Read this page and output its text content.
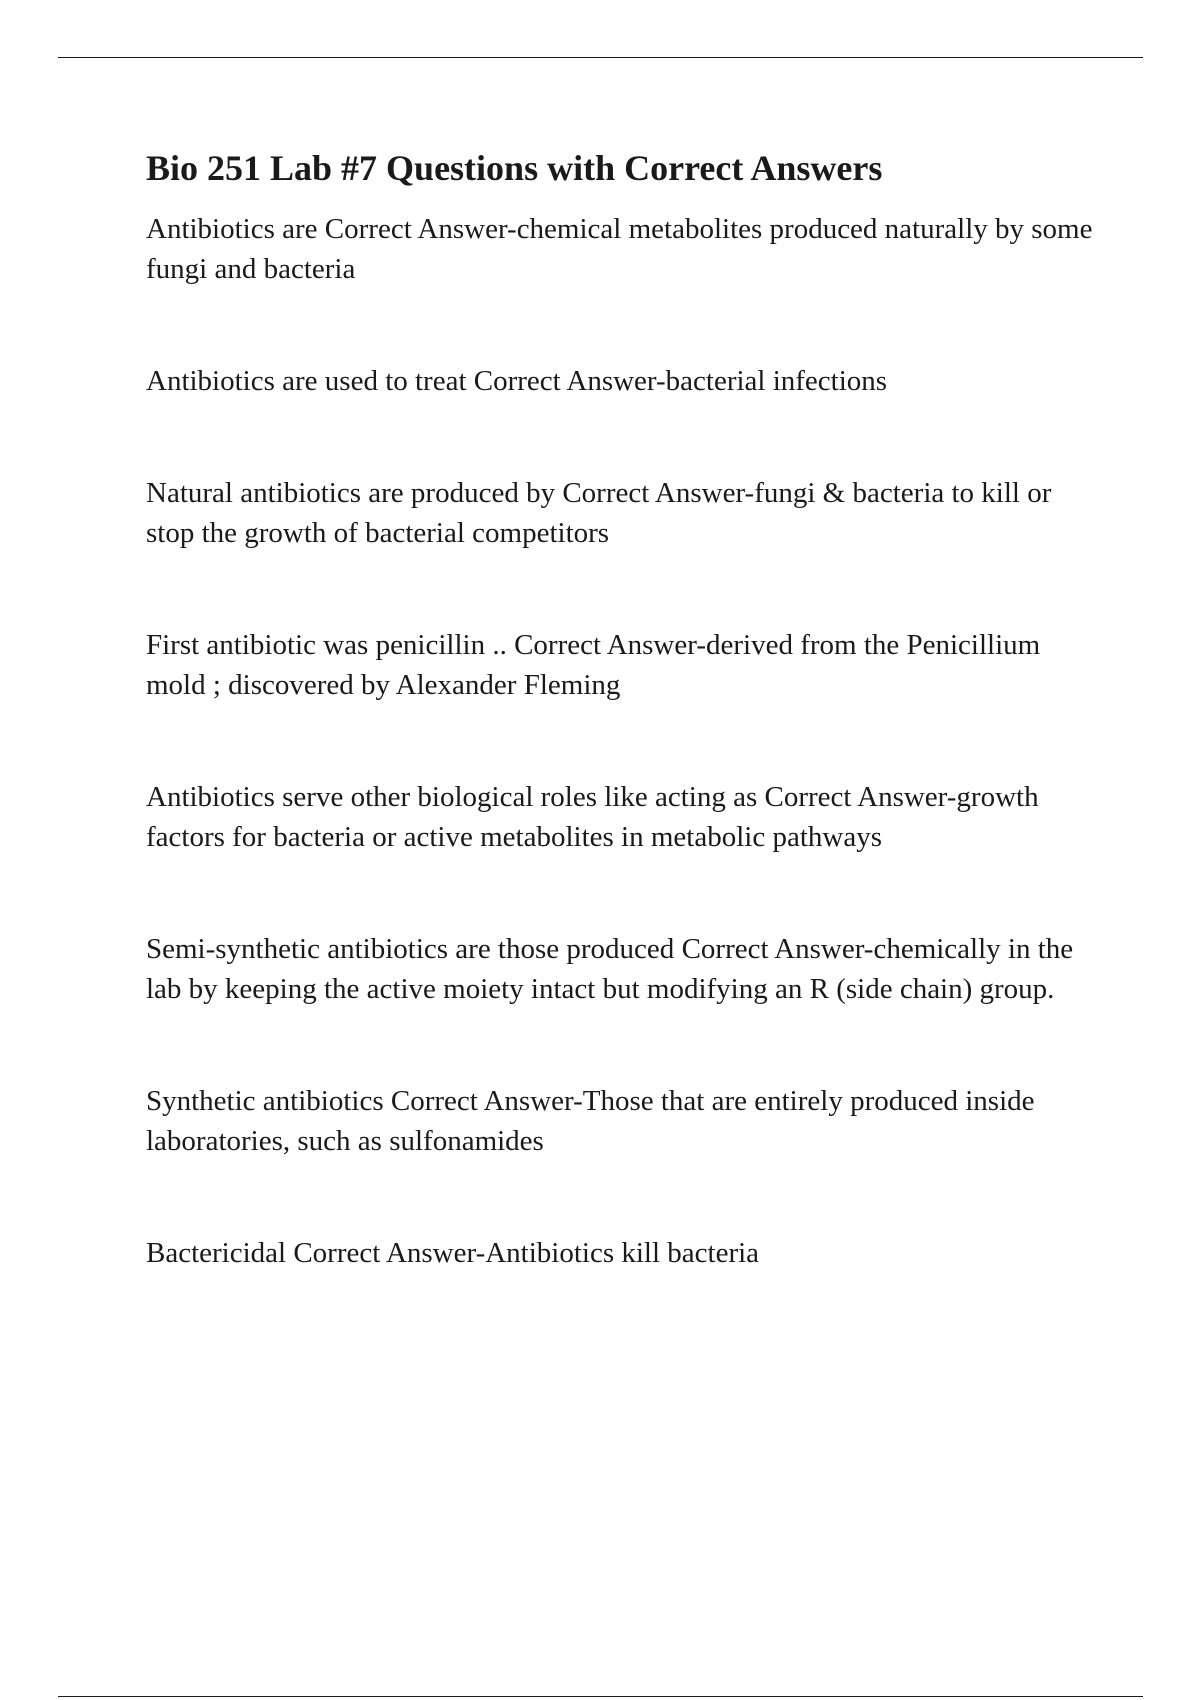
Bio 251 Lab #7 Questions with Correct Answers
Antibiotics are Correct Answer-chemical metabolites produced naturally by some fungi and bacteria
Antibiotics are used to treat Correct Answer-bacterial infections
Natural antibiotics are produced by Correct Answer-fungi & bacteria to kill or stop the growth of bacterial competitors
First antibiotic was penicillin .. Correct Answer-derived from the Penicillium mold ; discovered by Alexander Fleming
Antibiotics serve other biological roles like acting as Correct Answer-growth factors for bacteria or active metabolites in metabolic pathways
Semi-synthetic antibiotics are those produced Correct Answer-chemically in the lab by keeping the active moiety intact but modifying an R (side chain) group.
Synthetic antibiotics Correct Answer-Those that are entirely produced inside laboratories, such as sulfonamides
Bactericidal Correct Answer-Antibiotics kill bacteria
